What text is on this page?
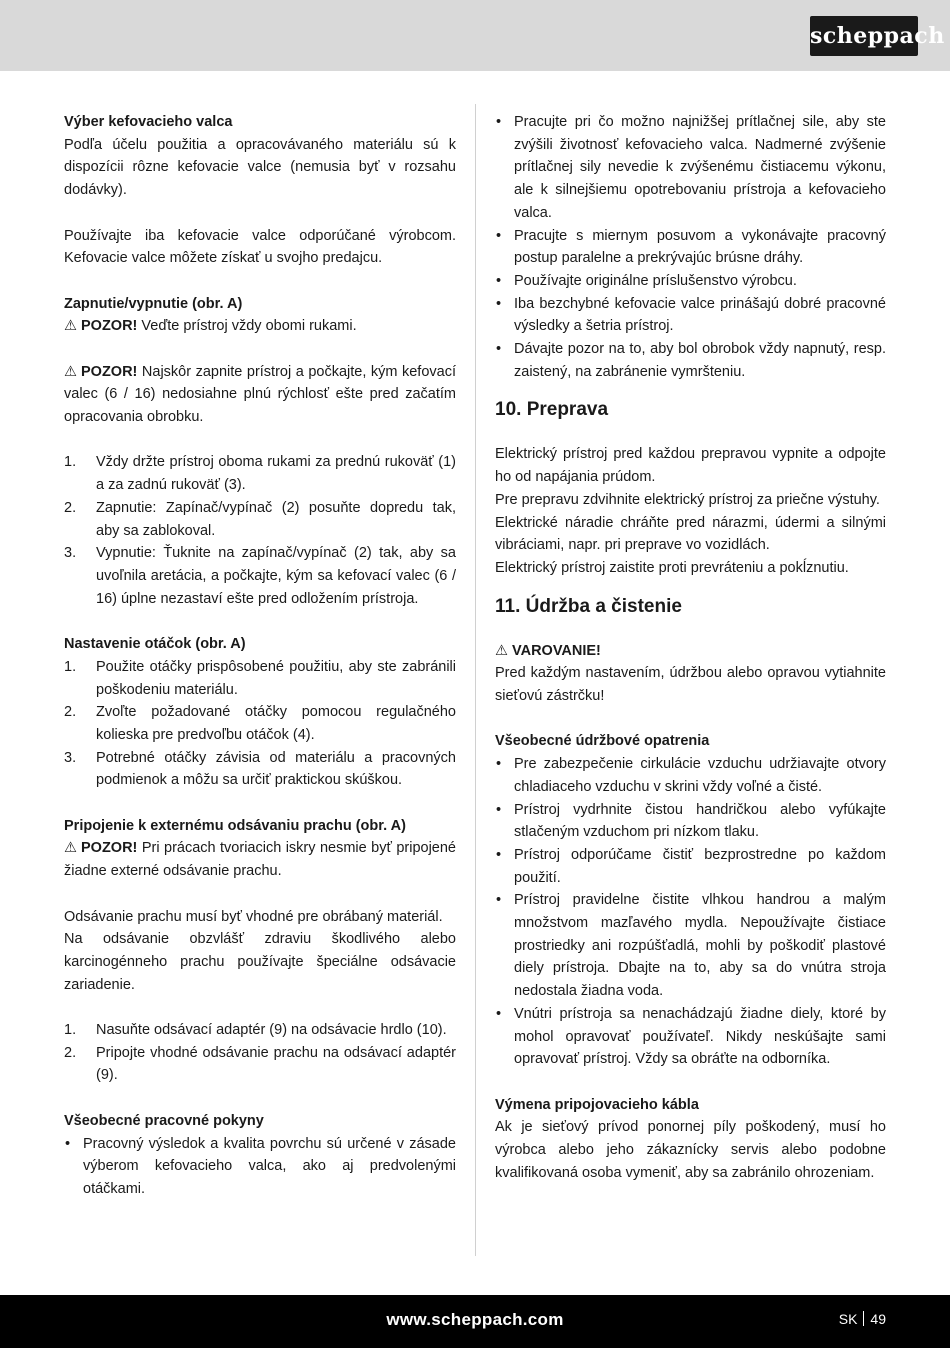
scheppach

Výber kefovacieho valca

Podľa účelu použitia a opracovávaného materiálu sú k dispozícii rôzne kefovacie valce (nemusia byť v rozsahu dodávky).

Používajte iba kefovacie valce odporúčané výrobcom. Kefovacie valce môžete získať u svojho predajcu.

Zapnutie/vypnutie (obr. A)

⚠ POZOR! Veďte prístroj vždy obomi rukami.

⚠ POZOR! Najskôr zapnite prístroj a počkajte, kým kefovací valec (6 / 16) nedosiahne plnú rýchlosť ešte pred začatím opracovania obrobku.

1. Vždy držte prístroj oboma rukami za prednú rukoväť (1) a za zadnú rukoväť (3).
2. Zapnutie: Zapínač/vypínač (2) posuňte dopredu tak, aby sa zablokoval.
3. Vypnutie: Ťuknite na zapínač/vypínač (2) tak, aby sa uvoľnila aretácia, a počkajte, kým sa kefovací valec (6 / 16) úplne nezastaví ešte pred odložením prístroja.

Nastavenie otáčok (obr. A)

1. Použite otáčky prispôsobené použitiu, aby ste zabránili poškodeniu materiálu.
2. Zvoľte požadované otáčky pomocou regulačného kolieska pre predvoľbu otáčok (4).
3. Potrebné otáčky závisia od materiálu a pracovných podmienok a môžu sa určiť praktickou skúškou.

Pripojenie k externému odsávaniu prachu (obr. A)

⚠ POZOR! Pri prácach tvoriacich iskry nesmie byť pripojené žiadne externé odsávanie prachu.

Odsávanie prachu musí byť vhodné pre obrábaný materiál.

Na odsávanie obzvlášť zdraviu škodlivého alebo karcinogénneho prachu používajte špeciálne odsávacie zariadenie.

1. Nasuňte odsávací adaptér (9) na odsávacie hrdlo (10).
2. Pripojte vhodné odsávanie prachu na odsávací adaptér (9).

Všeobecné pracovné pokyny

• Pracovný výsledok a kvalita povrchu sú určené v zásade výberom kefovacieho valca, ako aj predvolenými otáčkami.
• Pracujte pri čo možno najnižšej prítlačnej sile, aby ste zvýšili životnosť kefovacieho valca. Nadmerné zvýšenie prítlačnej sily nevedie k zvýšenému čistiacemu výkonu, ale k silnejšiemu opotrebovaniu prístroja a kefovacieho valca.
• Pracujte s miernym posuvom a vykonávajte pracovný postup paralelne a prekrývajúc brúsne dráhy.
• Používajte originálne príslušenstvo výrobcu.
• Iba bezchybné kefovacie valce prinášajú dobré pracovné výsledky a šetria prístroj.
• Dávajte pozor na to, aby bol obrobok vždy napnutý, resp. zaistený, na zabránenie vymršteniu.
10. Preprava

Elektrický prístroj pred každou prepravou vypnite a odpojte ho od napájania prúdom.

Pre prepravu zdvihnite elektrický prístroj za priečne výstuhy.

Elektrické náradie chráňte pred nárazmi, údermi a silnými vibráciami, napr. pri preprave vo vozidlách.

Elektrický prístroj zaistite proti prevráteniu a pokĺznutiu.

11. Údržba a čistenie

⚠ VAROVANIE!

Pred každým nastavením, údržbou alebo opravou vytiahnite sieťovú zástrčku!

Všeobecné údržbové opatrenia

• Pre zabezpečenie cirkulácie vzduchu udržiavajte otvory chladiaceho vzduchu v skrini vždy voľné a čisté.
• Prístroj vydrhnite čistou handričkou alebo vyfúkajte stlačeným vzduchom pri nízkom tlaku.
• Prístroj odporúčame čistiť bezprostredne po každom použití.
• Prístroj pravidelne čistite vlhkou handrou a malým množstvom mazľavého mydla. Nepoužívajte čistiace prostriedky ani rozpúšťadlá, mohli by poškodiť plastové diely prístroja. Dbajte na to, aby sa do vnútra stroja nedostala žiadna voda.
• Vnútri prístroja sa nenachádzajú žiadne diely, ktoré by mohol opravovať používateľ. Nikdy neskúšajte sami opravovať prístroj. Vždy sa obráťte na odborníka.

Výmena pripojovacieho kábla

Ak je sieťový prívod ponornej píly poškodený, musí ho výrobca alebo jeho zákaznícky servis alebo podobne kvalifikovaná osoba vymeniť, aby sa zabránilo ohrozeniam.

www.scheppach.com	SK 49
